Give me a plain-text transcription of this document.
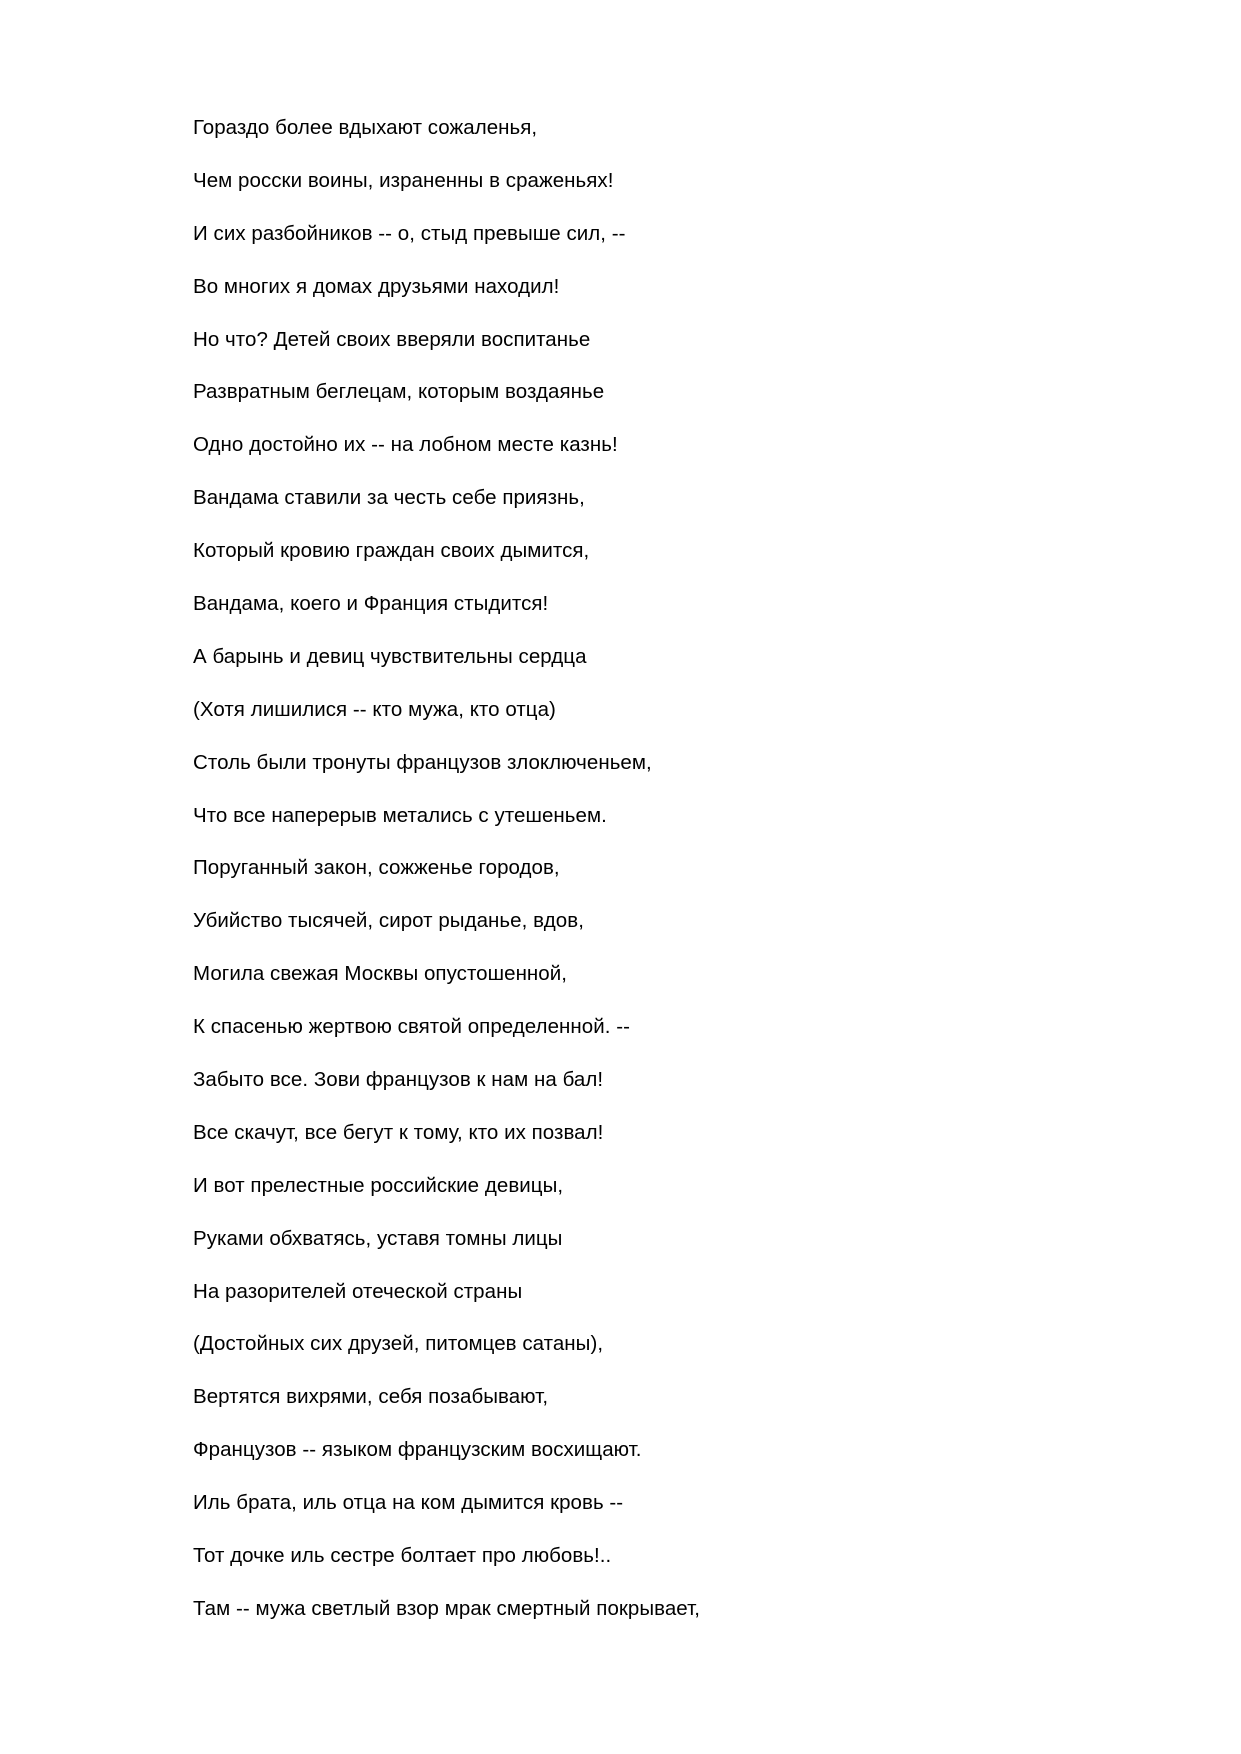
Гораздо более вдыхают сожаленья,
Чем росски воины, израненны в сраженьях!
И сих разбойников -- о, стыд превыше сил, --
Во многих я домах друзьями находил!
Но что? Детей своих вверяли воспитанье
Развратным беглецам, которым воздаянье
Одно достойно их -- на лобном месте казнь!
Вандама ставили за честь себе приязнь,
Который кровию граждан своих дымится,
Вандама, коего и Франция стыдится!
А барынь и девиц чувствительны сердца
(Хотя лишилися -- кто мужа, кто отца)
Столь были тронуты французов злоключеньем,
Что все наперерыв метались с утешеньем.
Поруганный закон, сожженье городов,
Убийство тысячей, сирот рыданье, вдов,
Могила свежая Москвы опустошенной,
К спасенью жертвою святой определенной. --
Забыто все. Зови французов к нам на бал!
Все скачут, все бегут к тому, кто их позвал!
И вот прелестные российские девицы,
Руками обхватясь, уставя томны лицы
На разорителей отеческой страны
(Достойных сих друзей, питомцев сатаны),
Вертятся вихрями, себя позабывают,
Французов -- языком французским восхищают.
Иль брата, иль отца на ком дымится кровь --
Тот дочке иль сестре болтает про любовь!..
Там -- мужа светлый взор мрак смертный покрывает,
